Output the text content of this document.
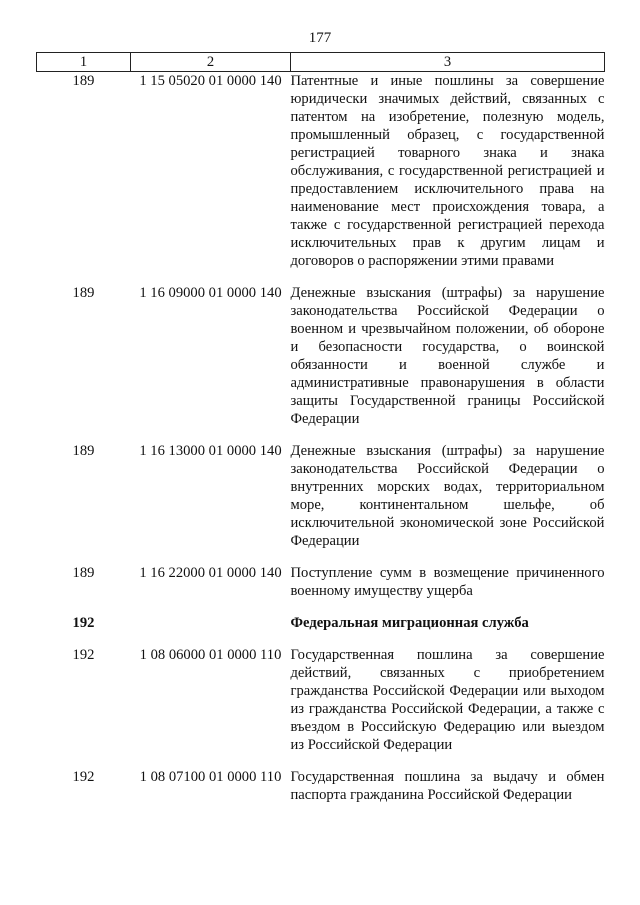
177
1	2	3
189	1 15 05020 01 0000 140	Патентные и иные пошлины за совершение юридически значимых действий, связанных с патентом на изобретение, полезную модель, промышленный образец, с государственной регистрацией товарного знака и знака обслуживания, с государственной регистрацией и предоставлением исключительного права на наименование мест происхождения товара, а также с государственной регистрацией перехода исключительных прав к другим лицам и договоров о распоряжении этими правами
189	1 16 09000 01 0000 140	Денежные взыскания (штрафы) за нарушение законодательства Российской Федерации о военном и чрезвычайном положении, об обороне и безопасности государства, о воинской обязанности и военной службе и административные правонарушения в области защиты Государственной границы Российской Федерации
189	1 16 13000 01 0000 140	Денежные взыскания (штрафы) за нарушение законодательства Российской Федерации о внутренних морских водах, территориальном море, континентальном шельфе, об исключительной экономической зоне Российской Федерации
189	1 16 22000 01 0000 140	Поступление сумм в возмещение причиненного военному имуществу ущерба
192		Федеральная миграционная служба
192	1 08 06000 01 0000 110	Государственная пошлина за совершение действий, связанных с приобретением гражданства Российской Федерации или выходом из гражданства Российской Федерации, а также с въездом в Российскую Федерацию или выездом из Российской Федерации
192	1 08 07100 01 0000 110	Государственная пошлина за выдачу и обмен паспорта гражданина Российской Федерации
